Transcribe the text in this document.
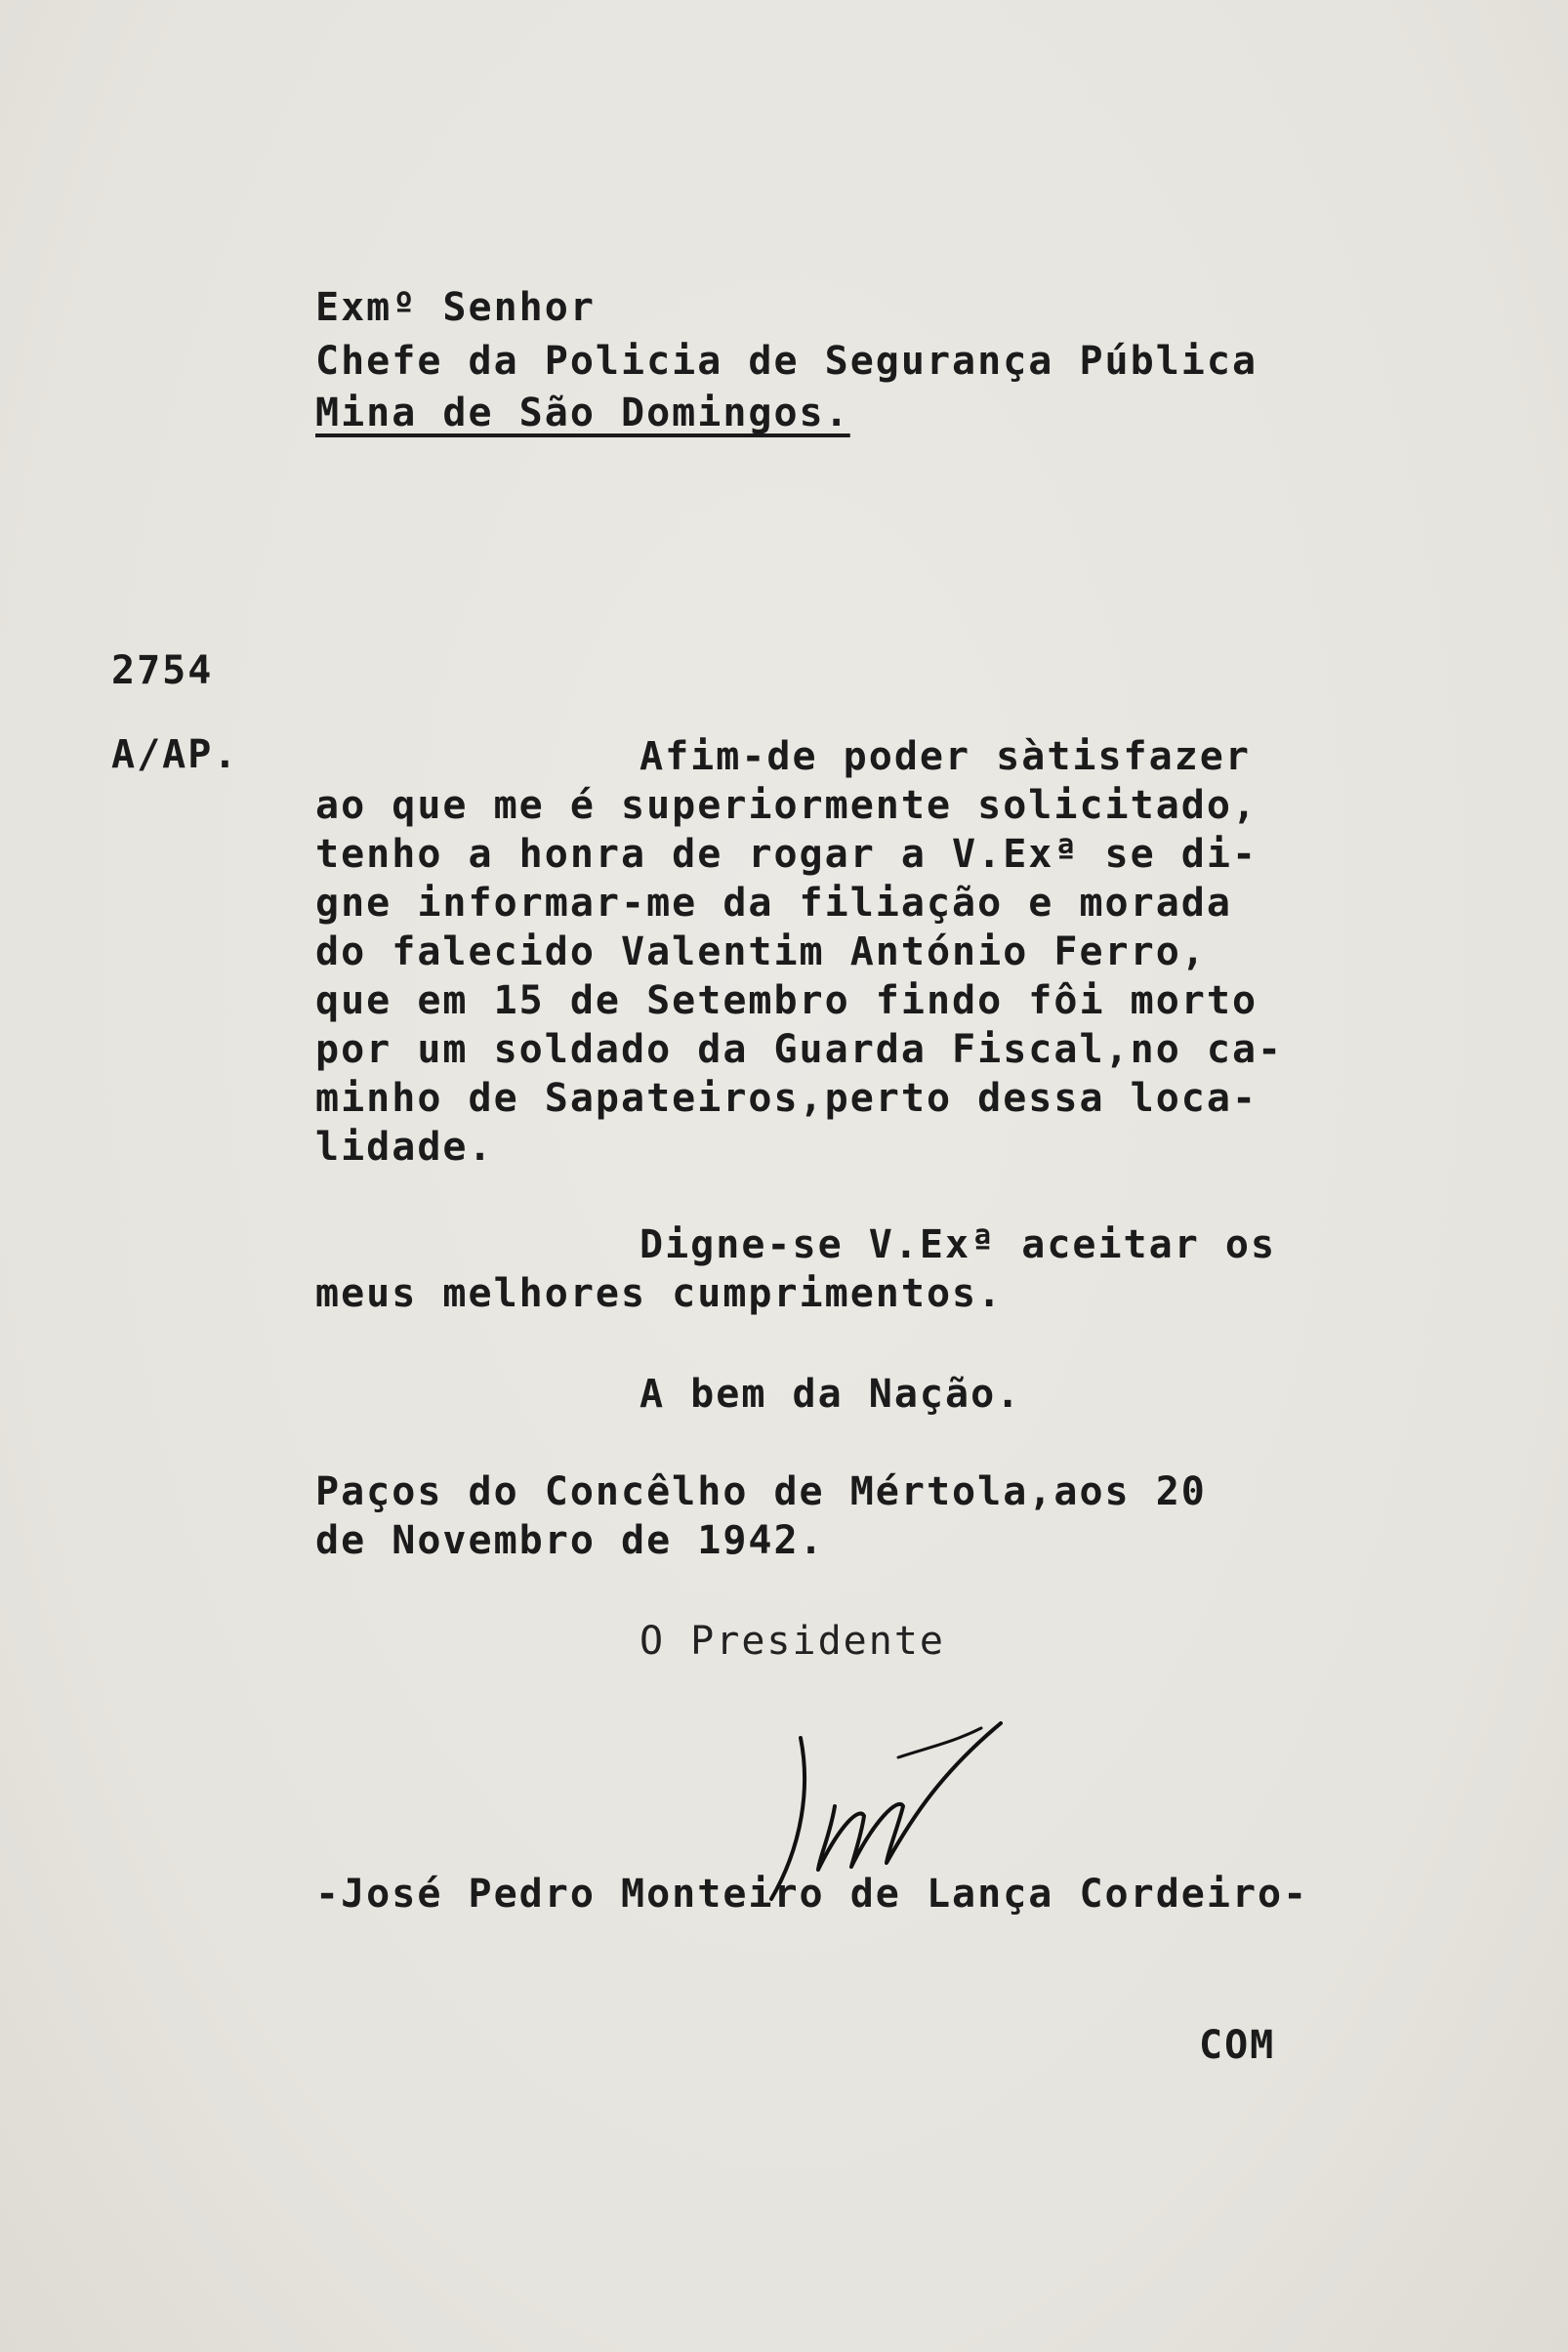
Exmº Senhor
Chefe da Policia de Segurança Pública
Mina de São Domingos.
2754
A/AP.	Afim-de poder sàtisfazer
ao que me é superiormente solicitado,
tenho a honra de rogar a V.Exª se di-
gne informar-me da filiação e morada
do falecido Valentim António Ferro,
que em 15 de Setembro findo fôi morto
por um soldado da Guarda Fiscal,no ca-
minho de Sapateiros,perto dessa loca-
lidade.
Digne-se V.Exª aceitar os
meus melhores cumprimentos.
A bem da Nação.
Paços do Concêlho de Mértola,aos 20
de Novembro de 1942.
O Presidente
-José Pedro Monteiro de Lança Cordeiro-
COM
